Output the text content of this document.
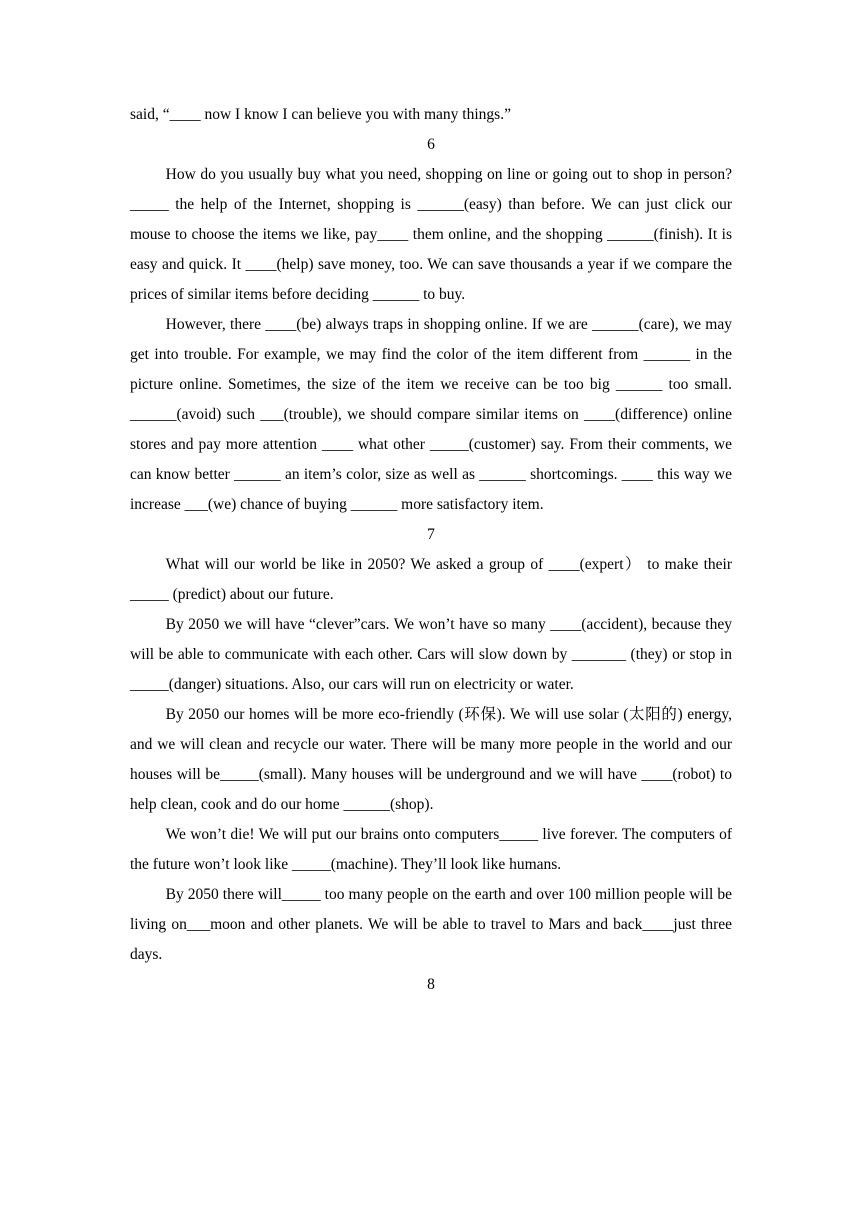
said, “____ now I know I can believe you with many things.”

6

How do you usually buy what you need, shopping on line or going out to shop in person? _____ the help of the Internet, shopping is ______(easy) than before. We can just click our mouse to choose the items we like, pay____ them online, and the shopping ______(finish). It is easy and quick. It ____(help) save money, too. We can save thousands a year if we compare the prices of similar items before deciding ______ to buy.

However, there ____(be) always traps in shopping online. If we are ______(care), we may get into trouble. For example, we may find the color of the item different from ______ in the picture online. Sometimes, the size of the item we receive can be too big ______ too small. ______(avoid) such ___(trouble), we should compare similar items on ____(difference) online stores and pay more attention ____ what other _____(customer) say. From their comments, we can know better ______ an item’s color, size as well as ______ shortcomings. ____ this way we increase ___(we) chance of buying ______ more satisfactory item.

7

What will our world be like in 2050? We asked a group of ____(expert） to make their _____ (predict) about our future.

By 2050 we will have “clever”cars. We won’t have so many ____(accident), because they will be able to communicate with each other. Cars will slow down by _______ (they) or stop in _____(danger) situations. Also, our cars will run on electricity or water.

By 2050 our homes will be more eco-friendly (环保). We will use solar (太阳的) energy, and we will clean and recycle our water. There will be many more people in the world and our houses will be_____(small). Many houses will be underground and we will have ____(robot) to help clean, cook and do our home ______(shop).

We won’t die! We will put our brains onto computers_____ live forever. The computers of the future won’t look like _____(machine). They’ll look like humans.

By 2050 there will_____ too many people on the earth and over 100 million people will be living on___moon and other planets. We will be able to travel to Mars and back____just three days.

8
